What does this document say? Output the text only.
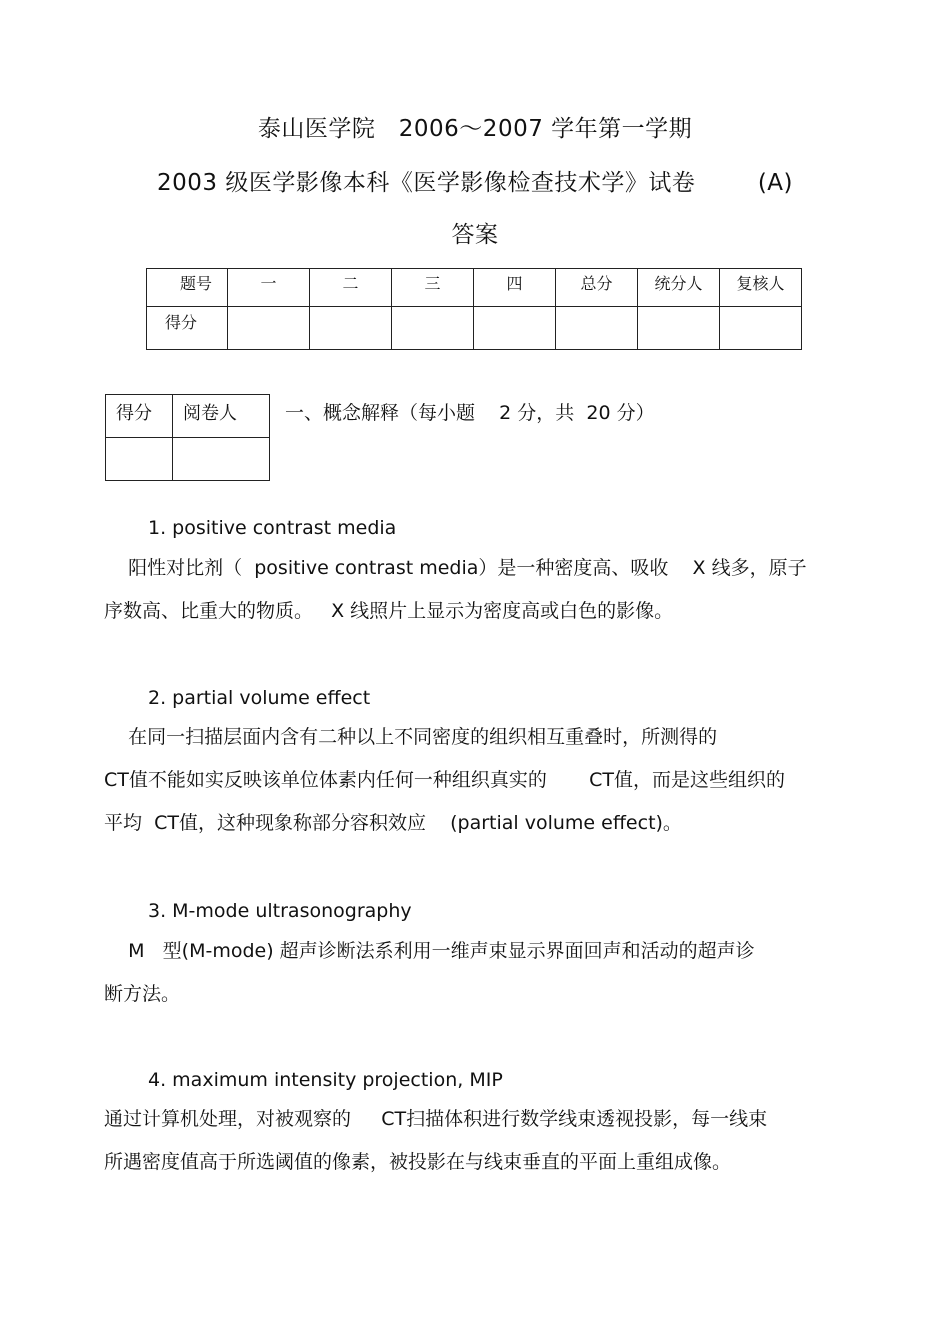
泰山医学院   2006～2007 学年第一学期
2003 级医学影像本科《医学影像检查技术学》试卷        (A)
答案
题号	一	二	三	四	总分	统分人	复核人
得分							
得分	阅卷人
		一、概念解释（每小题    2 分，共  20 分）
1. positive contrast media
阳性对比剂（  positive contrast media）是一种密度高、吸收    X 线多，原子
序数高、比重大的物质。   X 线照片上显示为密度高或白色的影像。
2. partial volume effect
在同一扫描层面内含有二种以上不同密度的组织相互重叠时，所测得的
CT值不能如实反映该单位体素内任何一种组织真实的       CT值，而是这些组织的
平均  CT值，这种现象称部分容积效应    (partial volume effect)。
3. M-mode ultrasonography
M   型(M-mode) 超声诊断法系利用一维声束显示界面回声和活动的超声诊
断方法。
4. maximum intensity projection, MIP
通过计算机处理，对被观察的     CT扫描体积进行数学线束透视投影，每一线束
所遇密度值高于所选阈值的像素，被投影在与线束垂直的平面上重组成像。
